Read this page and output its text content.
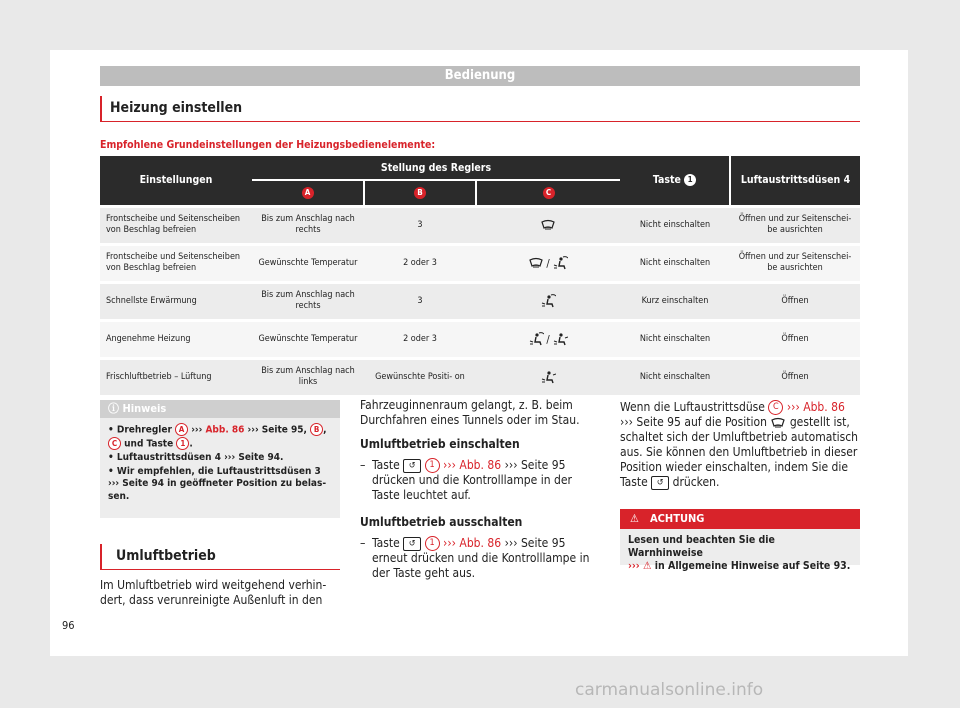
Bedienung
Heizung einstellen
Empfohlene Grundeinstellungen der Heizungsbedienelemente:
Einstellungen	Stellung des Reglers			Taste 1	Luftaustrittsdüsen 4
	A	B	C		
Frontscheibe und Seitenscheiben von Beschlag befreien	Bis zum Anschlag nach rechts	3		Nicht einschalten	Öffnen und zur Seitenschei- be ausrichten
Frontscheibe und Seitenscheiben von Beschlag befreien	Gewünschte Temperatur	2 oder 3	/	Nicht einschalten	Öffnen und zur Seitenschei- be ausrichten
Schnellste Erwärmung	Bis zum Anschlag nach rechts	3		Kurz einschalten	Öffnen
Angenehme Heizung	Gewünschte Temperatur	2 oder 3	/	Nicht einschalten	Öffnen
Frischluftbetrieb – Lüftung	Bis zum Anschlag nach links	Gewünschte Positi- on		Nicht einschalten	Öffnen
ⓘ Hinweis

• Drehregler A ››› Abb. 86 ››› Seite 95, B ,
C und Taste 1 .

• Luftaustrittsdüsen 4 ››› Seite 94.

• Wir empfehlen, die Luftaustrittsdüsen 3 ››› Seite 94 in geöffneter Position zu belas- sen.

Umluftbetrieb

Im Umluftbetrieb wird weitgehend verhin- dert, dass verunreinigte Außenluft in den

Fahrzeuginnenraum gelangt, z. B. beim Durchfahren eines Tunnels oder im Stau.

Umluftbetrieb einschalten

– Taste ↺ 1 ››› Abb. 86 ››› Seite 95 drücken und die Kontrolllampe in der Taste leuchtet auf.

Umluftbetrieb ausschalten

– Taste ↺ 1 ››› Abb. 86 ››› Seite 95 erneut drücken und die Kontrolllampe in der Taste geht aus.

Wenn die Luftaustrittsdüse C ››› Abb. 86 ››› Seite 95 auf die Position gestellt ist, schaltet sich der Umluftbetrieb automatisch aus. Sie können den Umluftbetrieb in dieser Position wieder einschalten, indem Sie die Taste ↺ drücken.

⚠ ACHTUNG
Lesen und beachten Sie die Warnhinweise
››› ⚠ in Allgemeine Hinweise auf Seite 93.
96
carmanualsonline.info
